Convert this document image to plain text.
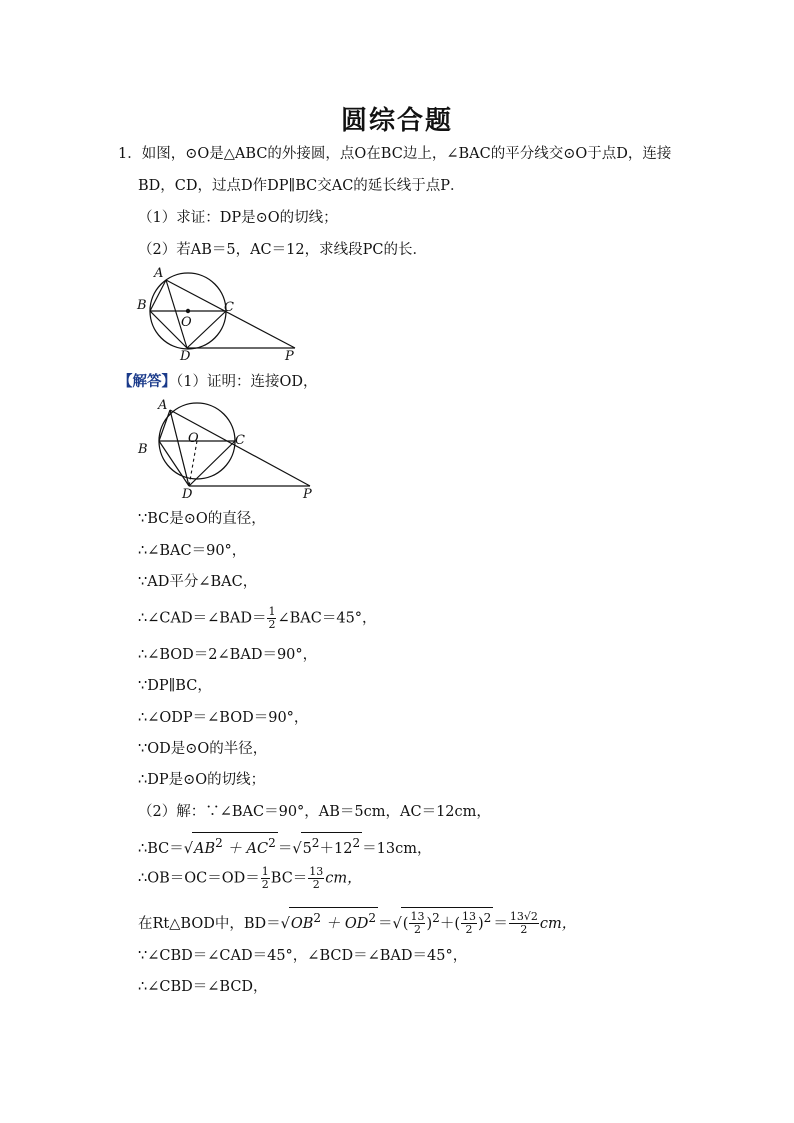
圆综合题
1．如图，⊙O是△ABC的外接圆，点O在BC边上，∠BAC的平分线交⊙O于点D，连接
BD，CD，过点D作DP∥BC交AC的延长线于点P．
（1）求证：DP是⊙O的切线；
（2）若AB＝5，AC＝12，求线段PC的长．
A
B	C
O
D	P
【解答】（1）证明：连接OD，
A
B
O	C
D	P
∵BC是⊙O的直径，
∴∠BAC＝90°，
∵AD平分∠BAC，
∴∠CAD＝∠BAD＝ $\frac{1}{2}$ ∠BAC＝45°，
∴∠BOD＝2∠BAD＝90°，
∵DP∥BC，
∴∠ODP＝∠BOD＝90°，
∵OD是⊙O的半径，
∴DP是⊙O的切线；
（2）解：∵∠BAC＝90°，AB＝5cm，AC＝12cm，
$\therefore BC=√AB^2 + AC^2 =√5^2+12^2 =13cm$，
∴OB＝OC＝OD＝ $\frac{1}{2} BC= \frac{13}{2}$ cm，
在Rt△BOD中，$BD=√OB^2 + OD^2$ ＝√( $\frac{13}{2} )^2+( \frac{13}{2} )^2 = \frac{13√2}{2}$ cm，
∵∠CBD＝∠CAD＝45°，∠BCD＝∠BAD＝45°，
∴∠CBD＝∠BCD，
